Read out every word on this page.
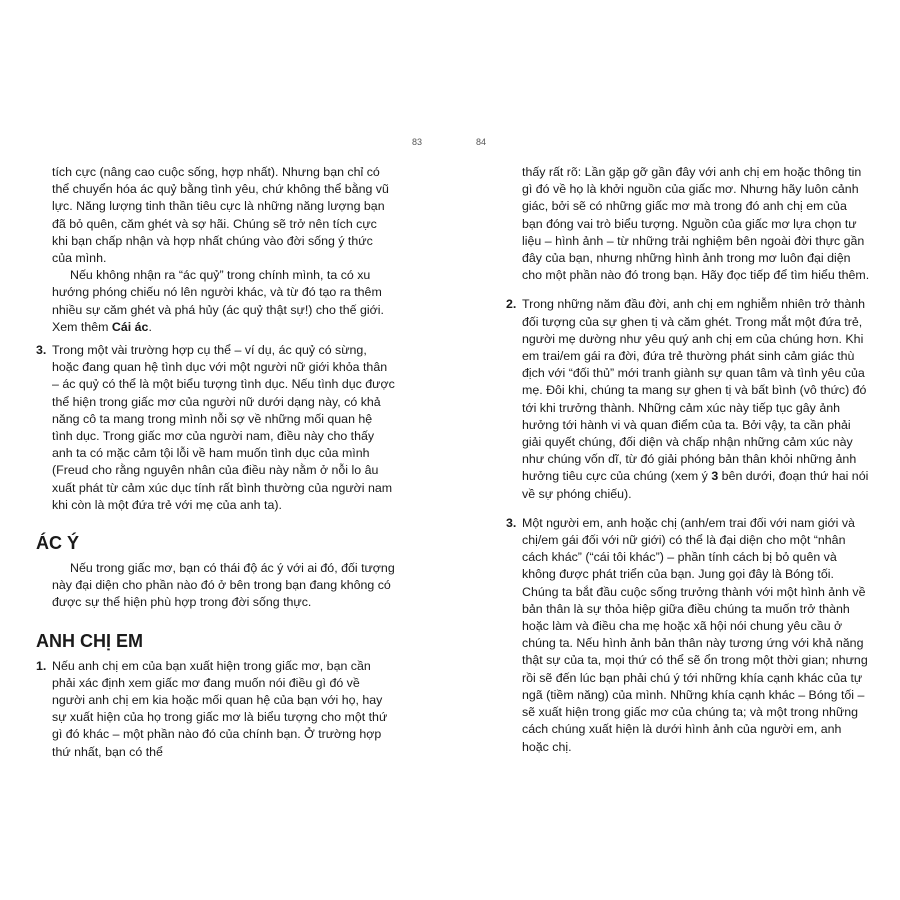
83	84

tích cực (nâng cao cuộc sống, hợp nhất). Nhưng bạn chỉ có thể chuyển hóa ác quỷ bằng tình yêu, chứ không thể bằng vũ lực. Năng lượng tinh thần tiêu cực là những năng lượng bạn đã bỏ quên, căm ghét và sợ hãi. Chúng sẽ trở nên tích cực khi bạn chấp nhận và hợp nhất chúng vào đời sống ý thức của mình.

Nếu không nhận ra “ác quỷ” trong chính mình, ta có xu hướng phóng chiếu nó lên người khác, và từ đó tạo ra thêm nhiều sự căm ghét và phá hủy (ác quỷ thật sự!) cho thế giới.

Xem thêm Cái ác.

3. Trong một vài trường hợp cụ thể – ví dụ, ác quỷ có sừng, hoặc đang quan hệ tình dục với một người nữ giới khỏa thân – ác quỷ có thể là một biểu tượng tình dục. Nếu tình dục được thể hiện trong giấc mơ của người nữ dưới dạng này, có khả năng cô ta mang trong mình nỗi sợ về những mối quan hệ tình dục. Trong giấc mơ của người nam, điều này cho thấy anh ta có mặc cảm tội lỗi về ham muốn tình dục của mình (Freud cho rằng nguyên nhân của điều này nằm ở nỗi lo âu xuất phát từ cảm xúc dục tính rất bình thường của người nam khi còn là một đứa trẻ với mẹ của anh ta).
ÁC Ý

Nếu trong giấc mơ, bạn có thái độ ác ý với ai đó, đối tượng này đại diện cho phần nào đó ở bên trong bạn đang không có được sự thể hiện phù hợp trong đời sống thực.

ANH CHỊ EM
1. Nếu anh chị em của bạn xuất hiện trong giấc mơ, bạn cần phải xác định xem giấc mơ đang muốn nói điều gì đó về người anh chị em kia hoặc mối quan hệ của bạn với họ, hay sự xuất hiện của họ trong giấc mơ là biểu tượng cho một thứ gì đó khác – một phần nào đó của chính bạn. Ở trường hợp thứ nhất, bạn có thể

thấy rất rõ: Lần gặp gỡ gần đây với anh chị em hoặc thông tin gì đó về họ là khởi nguồn của giấc mơ. Nhưng hãy luôn cảnh giác, bởi sẽ có những giấc mơ mà trong đó anh chị em của bạn đóng vai trò biểu tượng. Nguồn của giấc mơ lựa chọn tư liệu – hình ảnh – từ những trải nghiệm bên ngoài đời thực gần đây của bạn, nhưng những hình ảnh trong mơ luôn đại diện cho một phần nào đó trong bạn. Hãy đọc tiếp để tìm hiểu thêm.

2. Trong những năm đầu đời, anh chị em nghiễm nhiên trở thành đối tượng của sự ghen tị và căm ghét. Trong mắt một đứa trẻ, người mẹ dường như yêu quý anh chị em của chúng hơn. Khi em trai/em gái ra đời, đứa trẻ thường phát sinh cảm giác thù địch với “đối thủ” mới tranh giành sự quan tâm và tình yêu của mẹ. Đôi khi, chúng ta mang sự ghen tị và bất bình (vô thức) đó tới khi trưởng thành. Những cảm xúc này tiếp tục gây ảnh hưởng tới hành vi và quan điểm của ta. Bởi vậy, ta cần phải giải quyết chúng, đối diện và chấp nhận những cảm xúc này như chúng vốn dĩ, từ đó giải phóng bản thân khỏi những ảnh hưởng tiêu cực của chúng (xem ý 3 bên dưới, đoạn thứ hai nói về sự phóng chiếu).
3. Một người em, anh hoặc chị (anh/em trai đối với nam giới và chị/em gái đối với nữ giới) có thể là đại diện cho một “nhân cách khác” (“cái tôi khác”) – phần tính cách bị bỏ quên và không được phát triển của bạn. Jung gọi đây là Bóng tối. Chúng ta bắt đầu cuộc sống trưởng thành với một hình ảnh về bản thân là sự thỏa hiệp giữa điều chúng ta muốn trở thành hoặc làm và điều cha mẹ hoặc xã hội nói chung yêu cầu ở chúng ta. Nếu hình ảnh bản thân này tương ứng với khả năng thật sự của ta, mọi thứ có thể sẽ ổn trong một thời gian; nhưng rồi sẽ đến lúc bạn phải chú ý tới những khía cạnh khác của tự ngã (tiềm năng) của mình. Những khía cạnh khác – Bóng tối – sẽ xuất hiện trong giấc mơ của chúng ta; và một trong những cách chúng xuất hiện là dưới hình ảnh của người em, anh hoặc chị.
